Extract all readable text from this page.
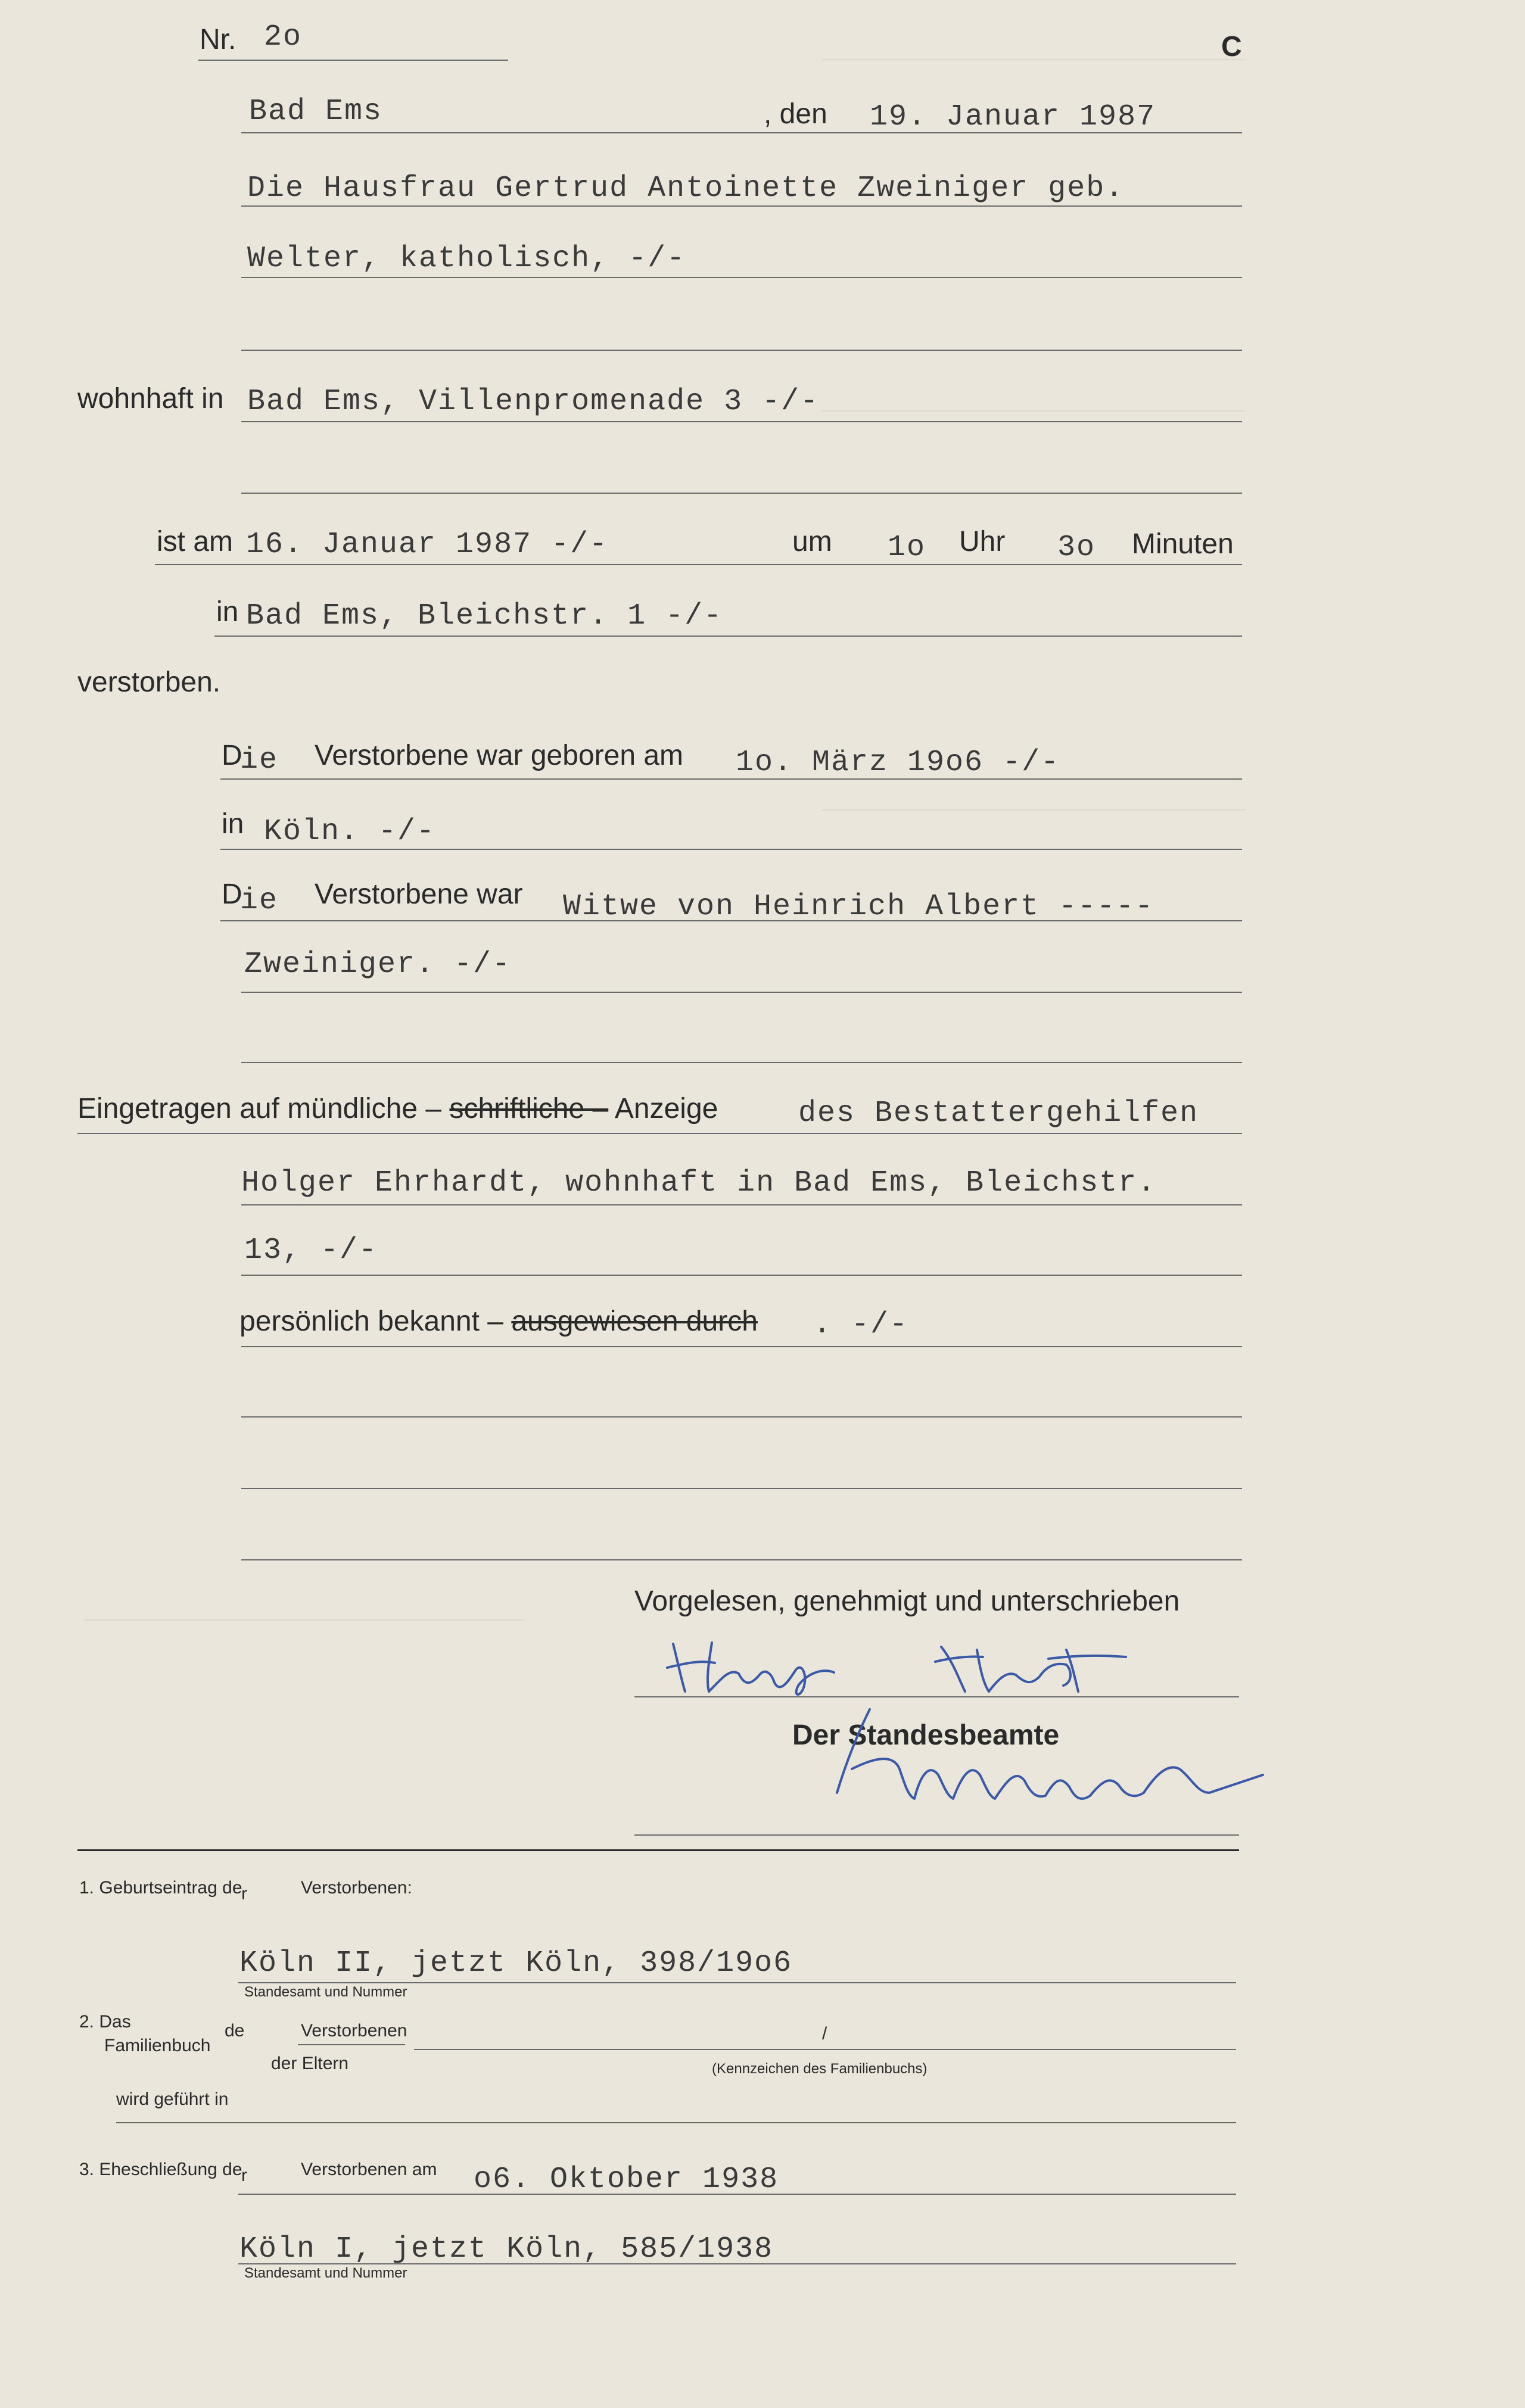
Nr. 2o	C
Bad Ems	, den 19. Januar 1987
Die Hausfrau Gertrud Antoinette Zweiniger geb.
Welter, katholisch, -/-
wohnhaft in Bad Ems, Villenpromenade 3 -/-
ist am 16. Januar 1987 -/-	um 1o Uhr 3o Minuten
in Bad Ems, Bleichstr. 1 -/-
verstorben.
D
ie Verstorbene war geboren am 1o. März 19o6 -/-
in Köln. -/-
D
ie Verstorbene war Witwe von Heinrich Albert -----
Zweiniger. -/-
Eingetragen auf mündliche – schriftliche – Anzeige	des Bestattergehilfen
Holger Ehrhardt, wohnhaft in Bad Ems, Bleichstr.
13, -/-
persönlich bekannt – ausgewiesen durch . -/-
Vorgelesen, genehmigt und unterschrieben
Der Standesbeamte
1. Geburtseintrag de
r	Verstorbenen:
Köln II, jetzt Köln, 398/19o6
Standesamt und Nummer
2. Das
Familienbuch
de	Verstorbenen
der Eltern
/
(Kennzeichen des Familienbuchs)
wird geführt in
3. Eheschließung de
r	Verstorbenen am o6. Oktober 1938
Köln I, jetzt Köln, 585/1938
Standesamt und Nummer
